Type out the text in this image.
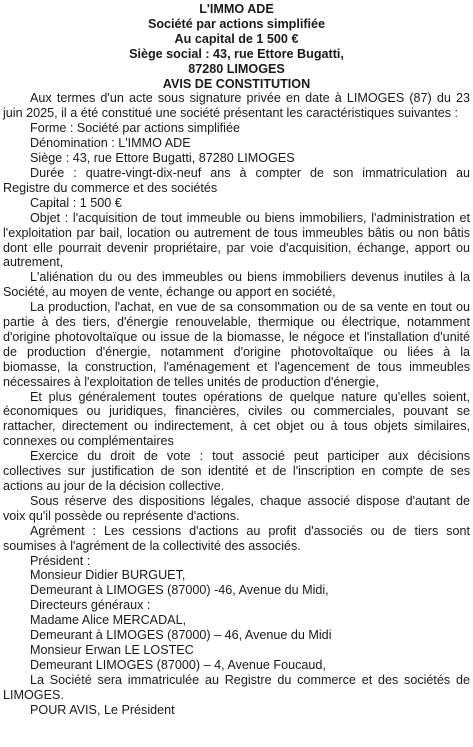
L'IMMO ADE
Société par actions simplifiée
Au capital de 1 500 €
Siège social : 43, rue Ettore Bugatti,
87280 LIMOGES
AVIS DE CONSTITUTION

Aux termes d'un acte sous signature privée en date à LIMOGES (87) du 23 juin 2025, il a été constitué une société présentant les caractéristiques suivantes :

Forme : Société par actions simplifiée

Dénomination : L'IMMO ADE

Siège : 43, rue Ettore Bugatti, 87280 LIMOGES

Durée : quatre-vingt-dix-neuf ans à compter de son immatriculation au Registre du commerce et des sociétés

Capital : 1 500 €

Objet : l'acquisition de tout immeuble ou biens immobiliers, l'administration et l'exploitation par bail, location ou autrement de tous immeubles bâtis ou non bâtis dont elle pourrait devenir propriétaire, par voie d'acquisition, échange, apport ou autrement,

L'aliénation du ou des immeubles ou biens immobiliers devenus inutiles à la Société, au moyen de vente, échange ou apport en société,

La production, l'achat, en vue de sa consommation ou de sa vente en tout ou partie à des tiers, d'énergie renouvelable, thermique ou électrique, notamment d'origine photovoltaïque ou issue de la biomasse, le négoce et l'installation d'unité de production d'énergie, notamment d'origine photovoltaïque ou liées à la biomasse, la construction, l'aménagement et l'agencement de tous immeubles nécessaires à l'exploitation de telles unités de production d'énergie,

Et plus généralement toutes opérations de quelque nature qu'elles soient, économiques ou juridiques, financières, civiles ou commerciales, pouvant se rattacher, directement ou indirectement, à cet objet ou à tous objets similaires, connexes ou complémentaires

Exercice du droit de vote : tout associé peut participer aux décisions collectives sur justification de son identité et de l'inscription en compte de ses actions au jour de la décision collective.

Sous réserve des dispositions légales, chaque associé dispose d'autant de voix qu'il possède ou représente d'actions.

Agrément : Les cessions d'actions au profit d'associés ou de tiers sont soumises à l'agrément de la collectivité des associés.

Président :

Monsieur Didier BURGUET,

Demeurant à LIMOGES (87000) -46, Avenue du Midi,

Directeurs généraux :

Madame Alice MERCADAL,

Demeurant à LIMOGES (87000) – 46, Avenue du Midi

Monsieur Erwan LE LOSTEC

Demeurant LIMOGES (87000) – 4, Avenue Foucaud,

La Société sera immatriculée au Registre du commerce et des sociétés de LIMOGES.

POUR AVIS, Le Président
